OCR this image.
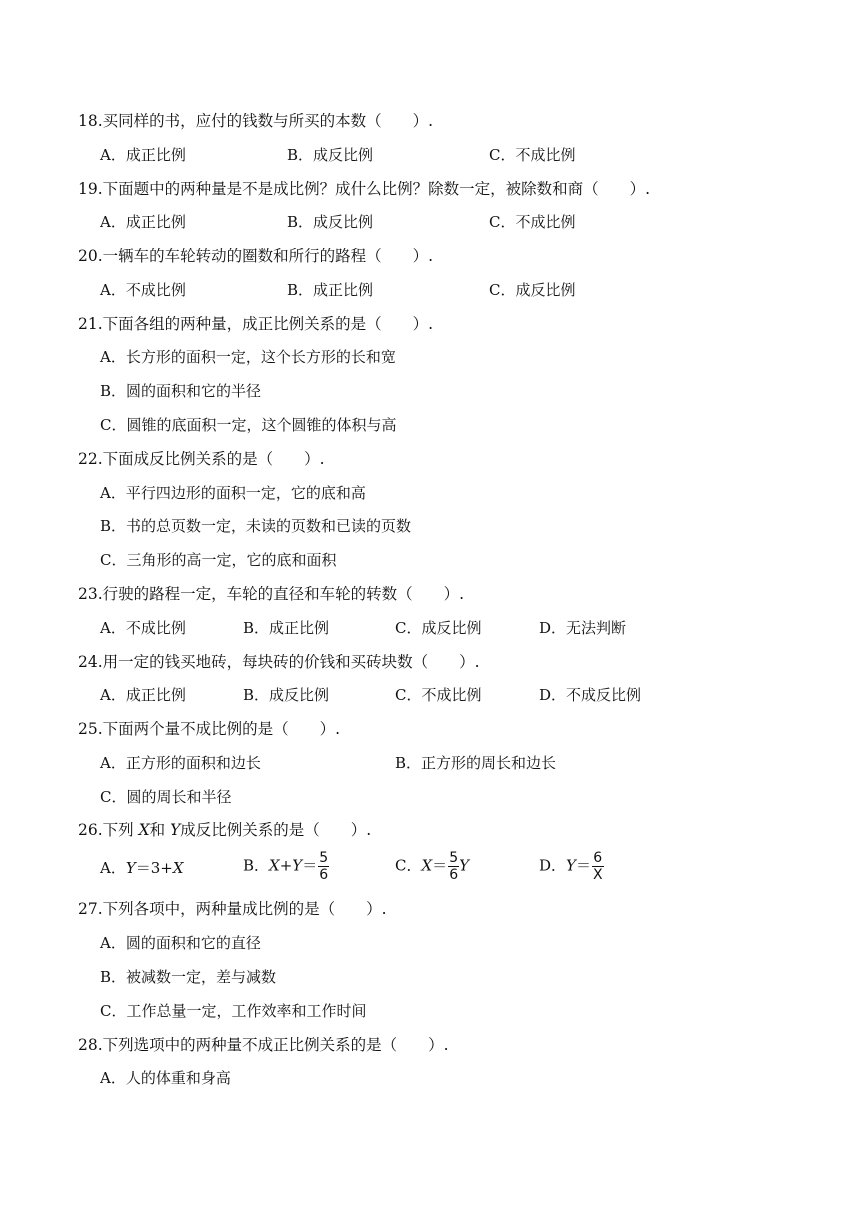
18.买同样的书，应付的钱数与所买的本数（　　）.
A．成正比例	B．成反比例	C．不成比例
19.下面题中的两种量是不是成比例？成什么比例？除数一定，被除数和商（　　）.
A．成正比例	B．成反比例	C．不成比例
20.一辆车的车轮转动的圈数和所行的路程（　　）.
A．不成比例	B．成正比例	C．成反比例
21.下面各组的两种量，成正比例关系的是（　　）.
A．长方形的面积一定，这个长方形的长和宽
B．圆的面积和它的半径
C．圆锥的底面积一定，这个圆锥的体积与高
22.下面成反比例关系的是（　　）.
A．平行四边形的面积一定，它的底和高
B．书的总页数一定，未读的页数和已读的页数
C．三角形的高一定，它的底和面积
23.行驶的路程一定，车轮的直径和车轮的转数（　　）.
A．不成比例	B．成正比例	C．成反比例	D．无法判断
24.用一定的钱买地砖，每块砖的价钱和买砖块数（　　）.
A．成正比例	B．成反比例	C．不成比例	D．不成反比例
25.下面两个量不成比例的是（　　）.
A．正方形的面积和边长	B．正方形的周长和边长
C．圆的周长和半径
26.下列 X和 Y成反比例关系的是（　　）.
A．Y＝3+X	B．$X+Y= \frac{5}{6}$	C．$X= \frac{5}{6}$ Y	D．$Y= \frac{6}{X}$
27.下列各项中，两种量成比例的是（　　）.
A．圆的面积和它的直径
B．被减数一定，差与减数
C．工作总量一定，工作效率和工作时间
28.下列选项中的两种量不成正比例关系的是（　　）.
A．人的体重和身高
